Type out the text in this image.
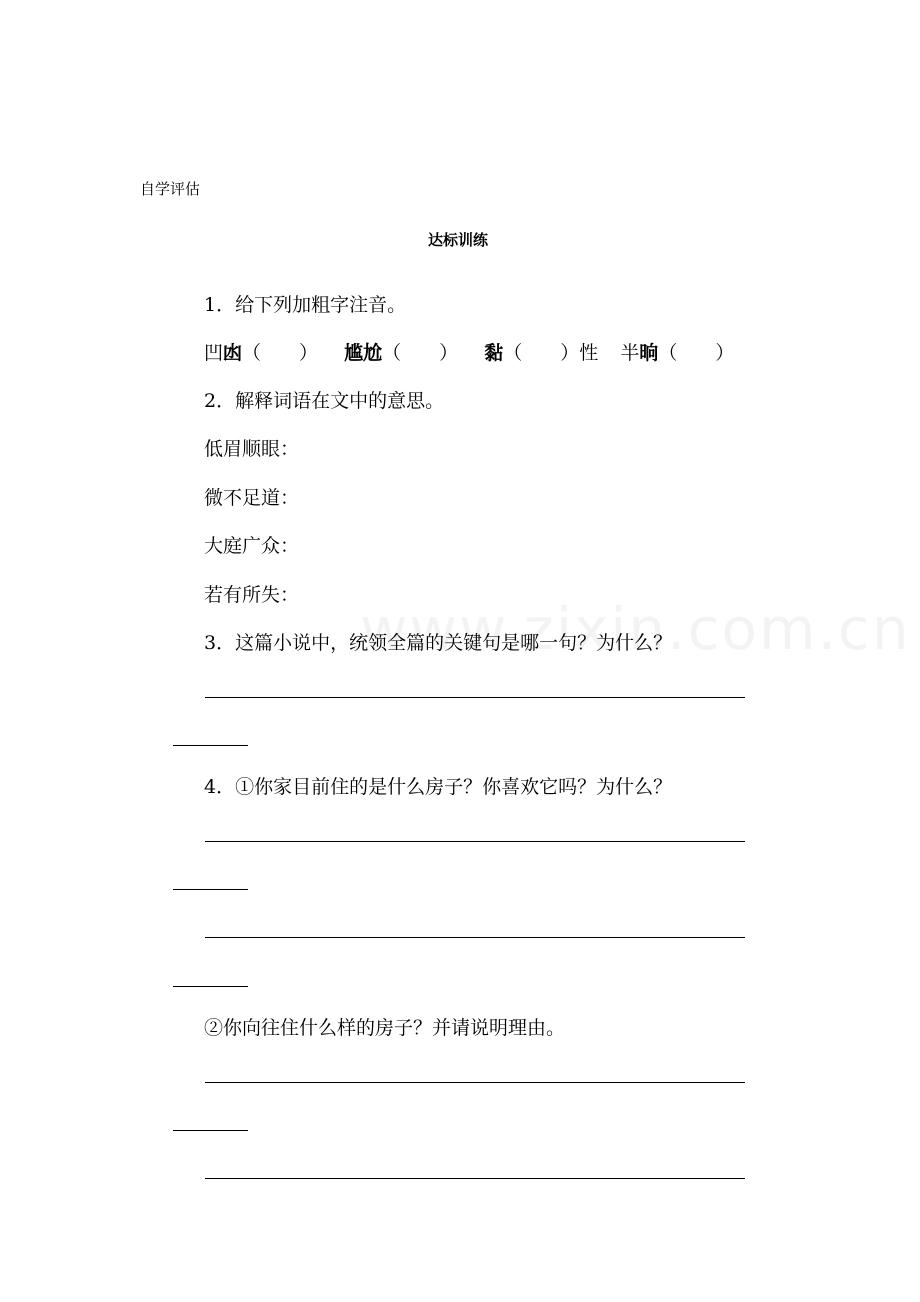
自学评估
达标训练
1．给下列加粗字注音。
凹凼（　　） 尴尬（　　） 黏（　　）性 半晌（　　）
2．解释词语在文中的意思。
低眉顺眼：
微不足道：
大庭广众：
若有所失：
3．这篇小说中，统领全篇的关键句是哪一句？为什么？
4．①你家目前住的是什么房子？你喜欢它吗？为什么？
②你向往住什么样的房子？并请说明理由。
